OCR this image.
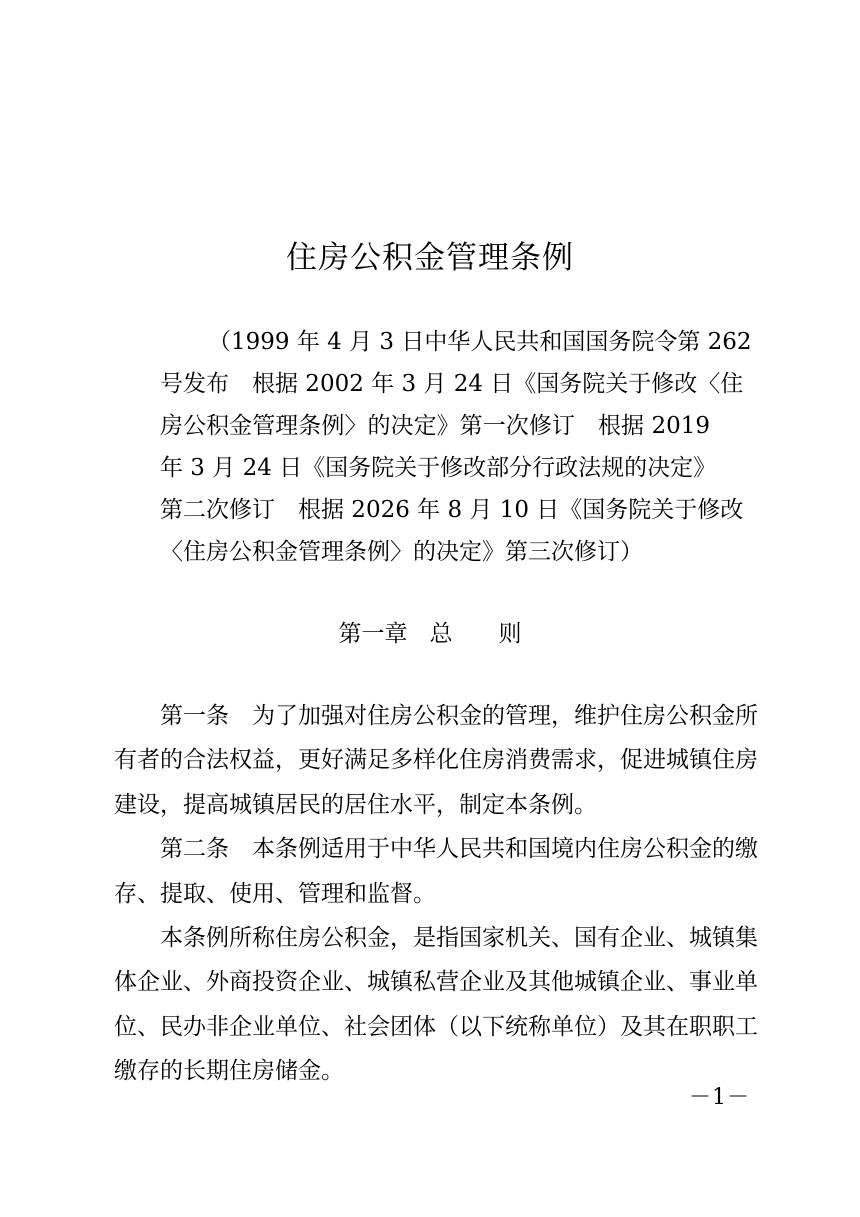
住房公积金管理条例
（1999 年 4 月 3 日中华人民共和国国务院令第 262
号发布　根据 2002 年 3 月 24 日《国务院关于修改〈住
房公积金管理条例〉的决定》第一次修订　根据 2019
年 3 月 24 日《国务院关于修改部分行政法规的决定》
第二次修订　根据 2026 年 8 月 10 日《国务院关于修改
〈住房公积金管理条例〉的决定》第三次修订）
第一章 总 则
第一条　为了加强对住房公积金的管理，维护住房公积金所
有者的合法权益，更好满足多样化住房消费需求，促进城镇住房
建设，提高城镇居民的居住水平，制定本条例。
第二条　本条例适用于中华人民共和国境内住房公积金的缴
存、提取、使用、管理和监督。
本条例所称住房公积金，是指国家机关、国有企业、城镇集
体企业、外商投资企业、城镇私营企业及其他城镇企业、事业单
位、民办非企业单位、社会团体（以下统称单位）及其在职职工
缴存的长期住房储金。
－1－
